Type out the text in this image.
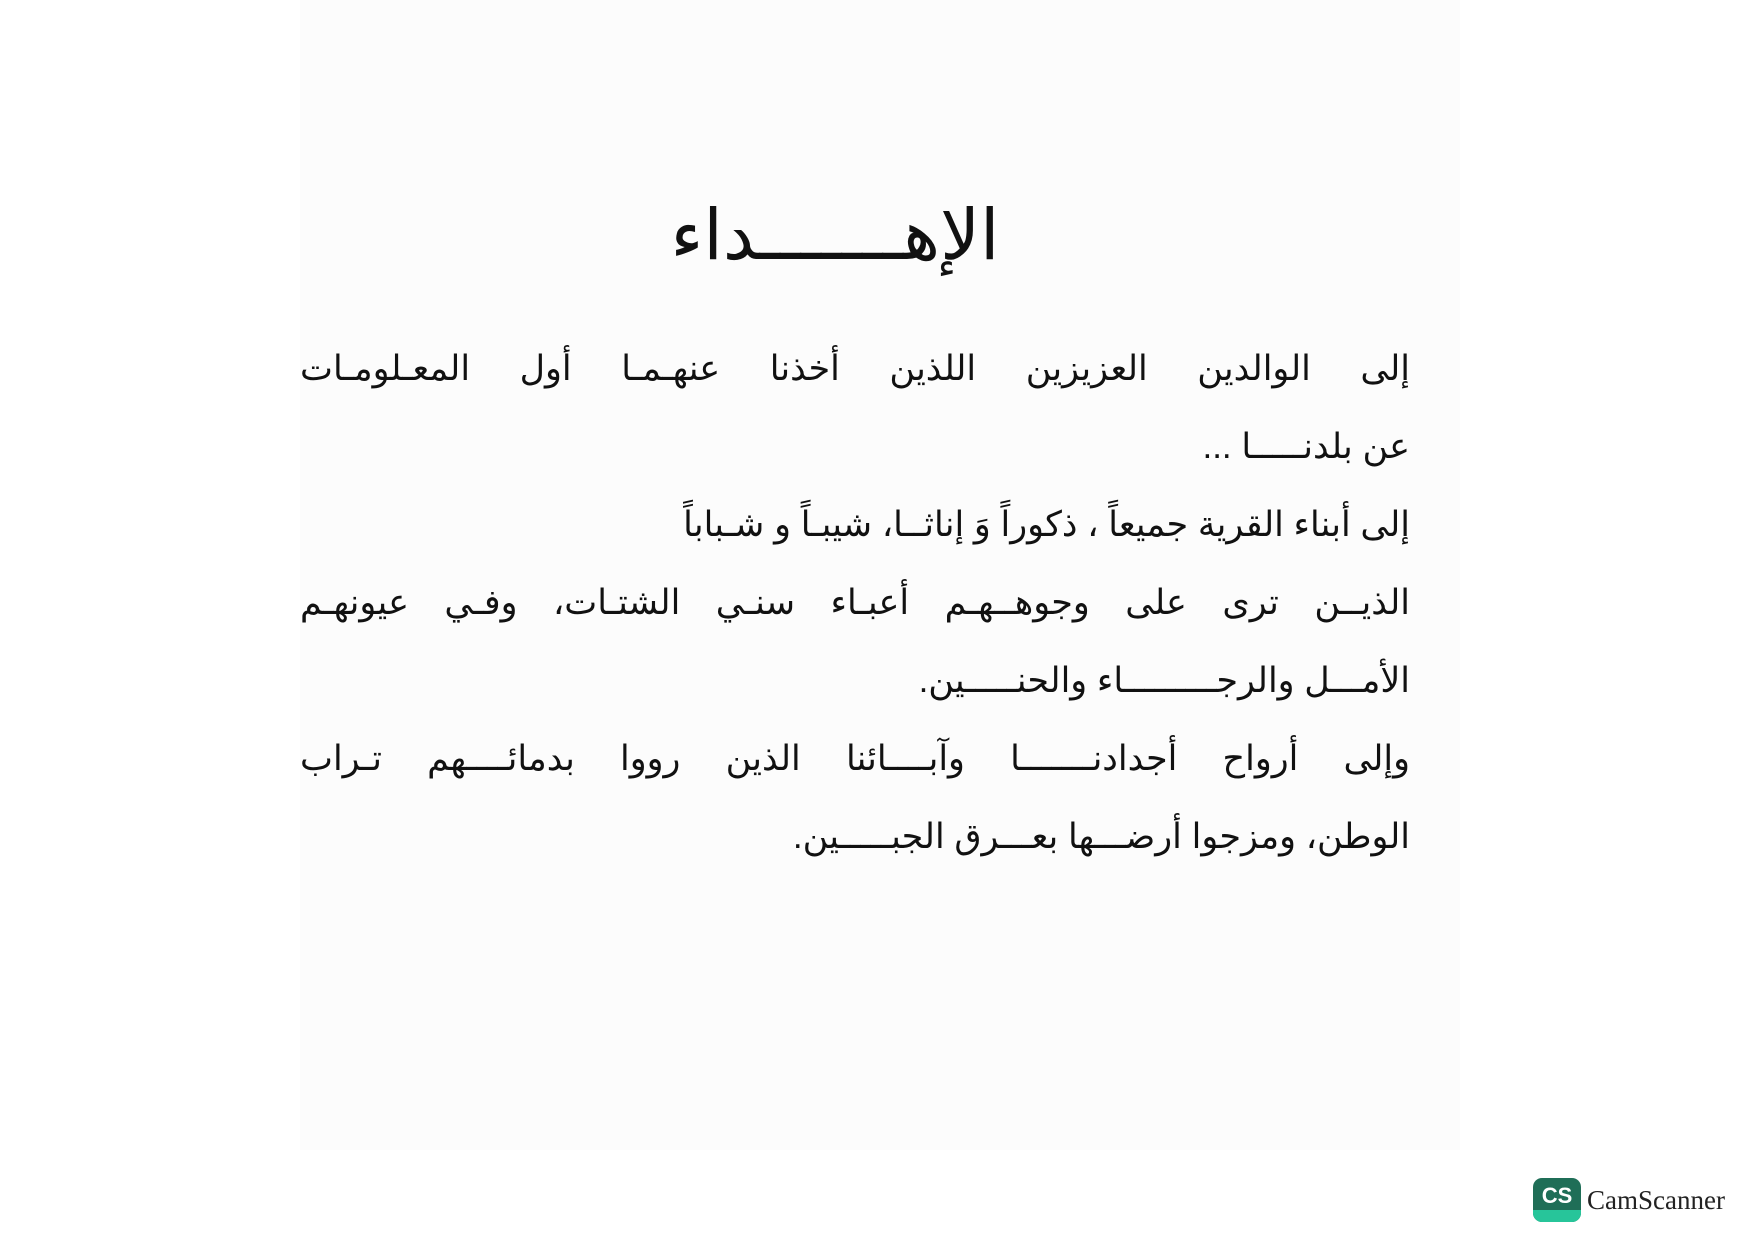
الإهـــــــداء
إلى الوالدين العزيزين اللذين أخذنا عنهـمـا أول المعـلومـات
عن بلدنـــــا ...
إلى أبناء القرية جميعاً ، ذكوراً وَ إناثــا، شيبـاً و شـباباً
الذيــن ترى على وجوهــهـم أعبـاء سنـي الشتـات، وفـي عيونهـم
الأمـــل والرجـــــــــاء والحنـــــين.
وإلى أرواح أجدادنـــــــا وآبــــائنا الذين رووا بدمائــــهم تـراب
الوطن، ومزجوا أرضـــها بعـــرق الجبـــــين.
CS CamScanner
